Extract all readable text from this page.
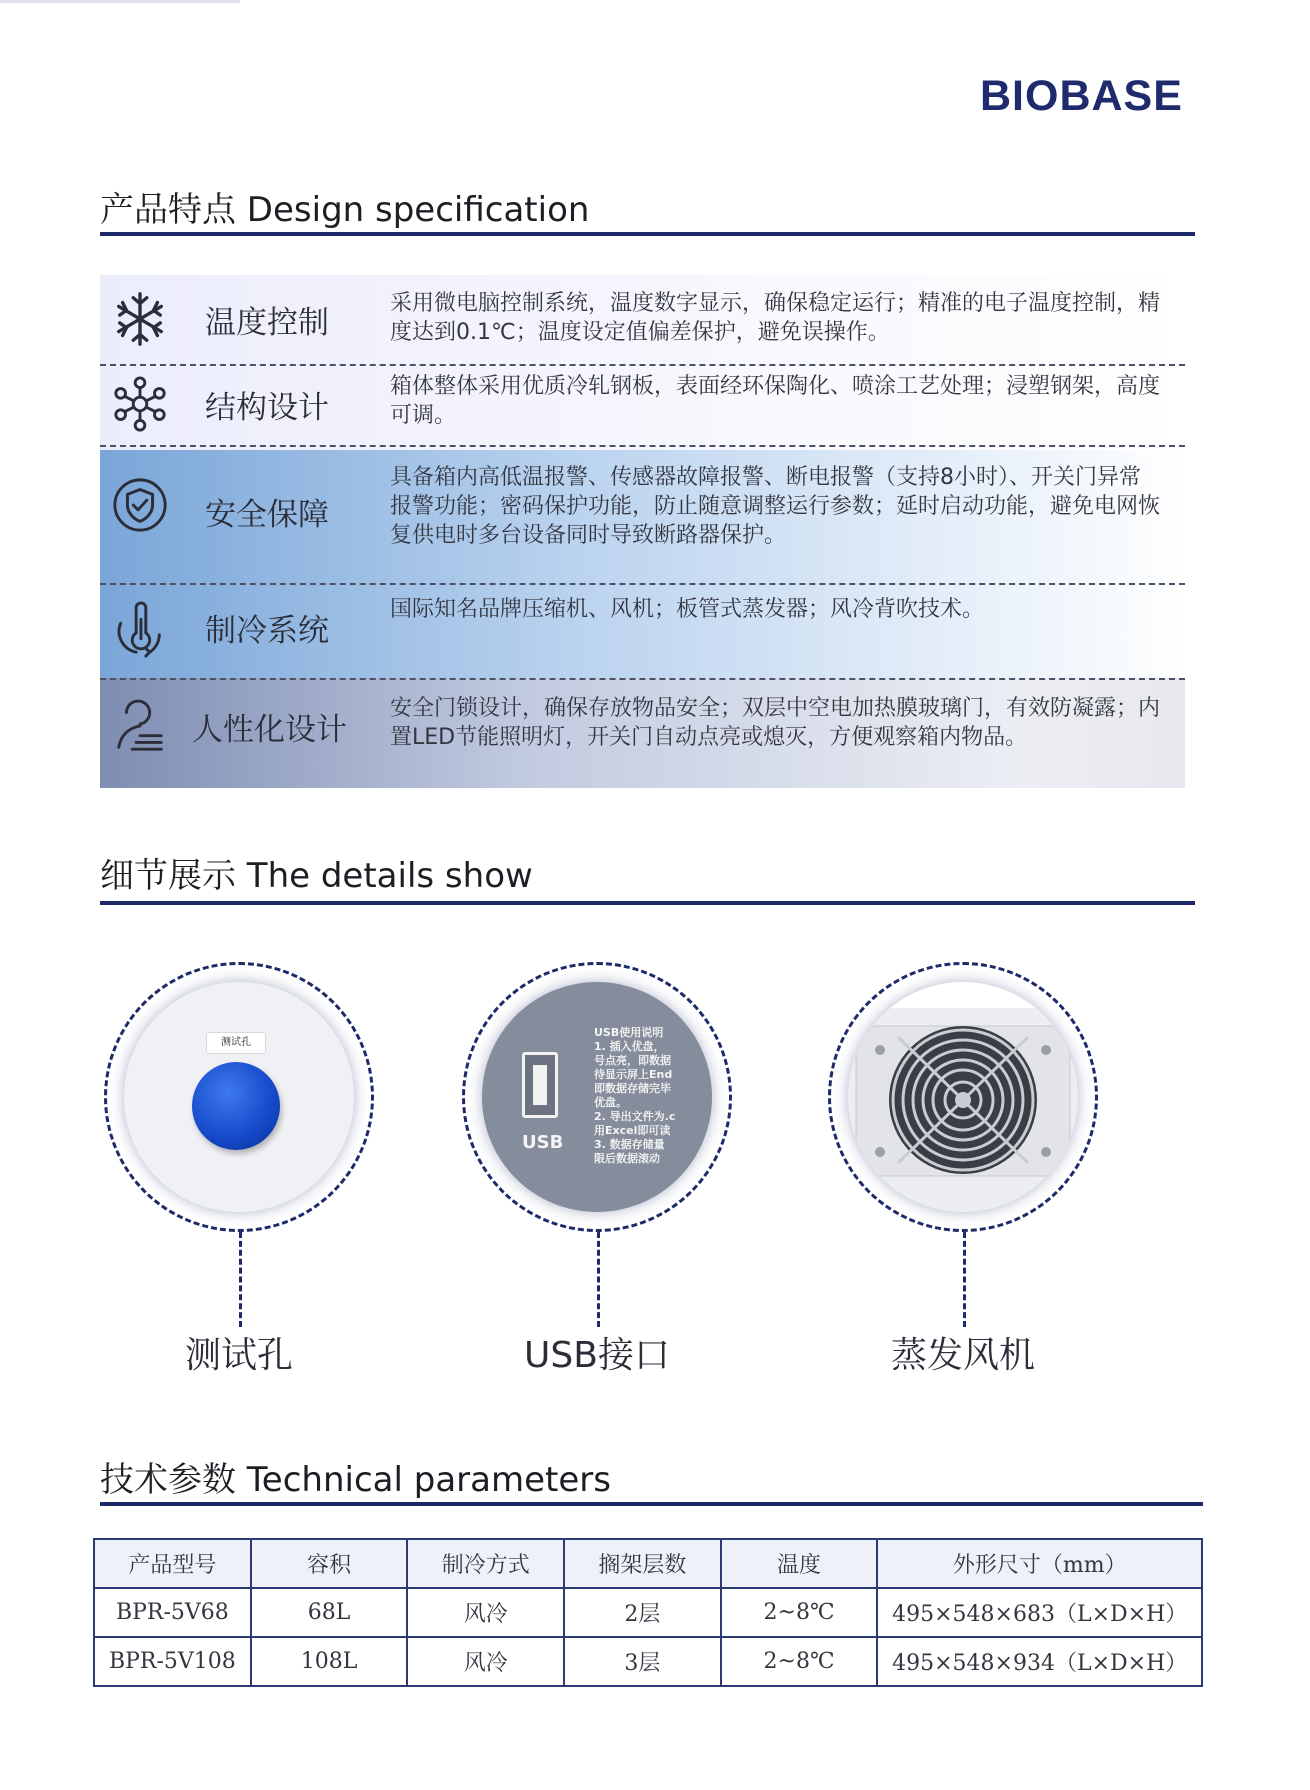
BIOBASE
产品特点 Design specification
温度控制
采用微电脑控制系统，温度数字显示，确保稳定运行；精准的电子温度控制，精度达到0.1℃；温度设定值偏差保护，避免误操作。
结构设计
箱体整体采用优质冷轧钢板，表面经环保陶化、喷涂工艺处理；浸塑钢架，高度可调。
安全保障
具备箱内高低温报警、传感器故障报警、断电报警（支持8小时）、开关门异常报警功能；密码保护功能，防止随意调整运行参数；延时启动功能，避免电网恢复供电时多台设备同时导致断路器保护。
制冷系统
国际知名品牌压缩机、风机；板管式蒸发器；风冷背吹技术。
人性化设计
安全门锁设计，确保存放物品安全；双层中空电加热膜玻璃门，有效防凝露；内置LED节能照明灯，开关门自动点亮或熄灭，方便观察箱内物品。
细节展示 The details show
测试孔
测试孔
USB
USB使用说明
1. 插入优盘，
号点亮，即数据
待显示屏上End
即数据存储完毕
优盘。
2. 导出文件为.c
用Excel即可读
3. 数据存储量
限后数据滚动
USB接口	蒸发风机
技术参数 Technical parameters
产品型号	容积	制冷方式	搁架层数	温度	外形尺寸（mm）
BPR-5V68	68L	风冷	2层	2~8℃	495×548×683（L×D×H）
BPR-5V108	108L	风冷	3层	2~8℃	495×548×934（L×D×H）
